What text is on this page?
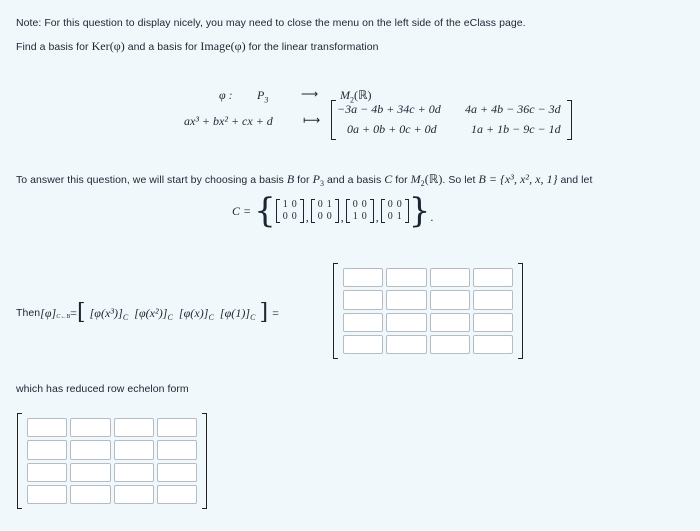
Note: For this question to display nicely, you may need to close the menu on the left side of the eClass page.
Find a basis for Ker(φ) and a basis for Image(φ) for the linear transformation
φ : $P_3$	⟶ $M_2(ℝ)$
ax³ + bx² + cx + d	⟼
−3a − 4b + 34c + 0d 4a + 4b − 36c − 3d
0a + 0b + 0c + 0d	1a + 1b − 9c − 1d
To answer this question, we will start by choosing a basis B for $P_3$ and a basis C for $M_2(ℝ)$. So let B = {x³, x², x, 1} and let
C = { 1	0
0	0 ,
0	1
0	0 ,
0	0
1	0 ,
0	0
0	1 } .
Then $[\varphi]_{C\leftarrow B}$ = [ $[\varphi(x^3)]_C$ $[\varphi(x^2)]_C$ $[\varphi(x)]_C$ $[\varphi(1)]_C$ ] =
which has reduced row echelon form
